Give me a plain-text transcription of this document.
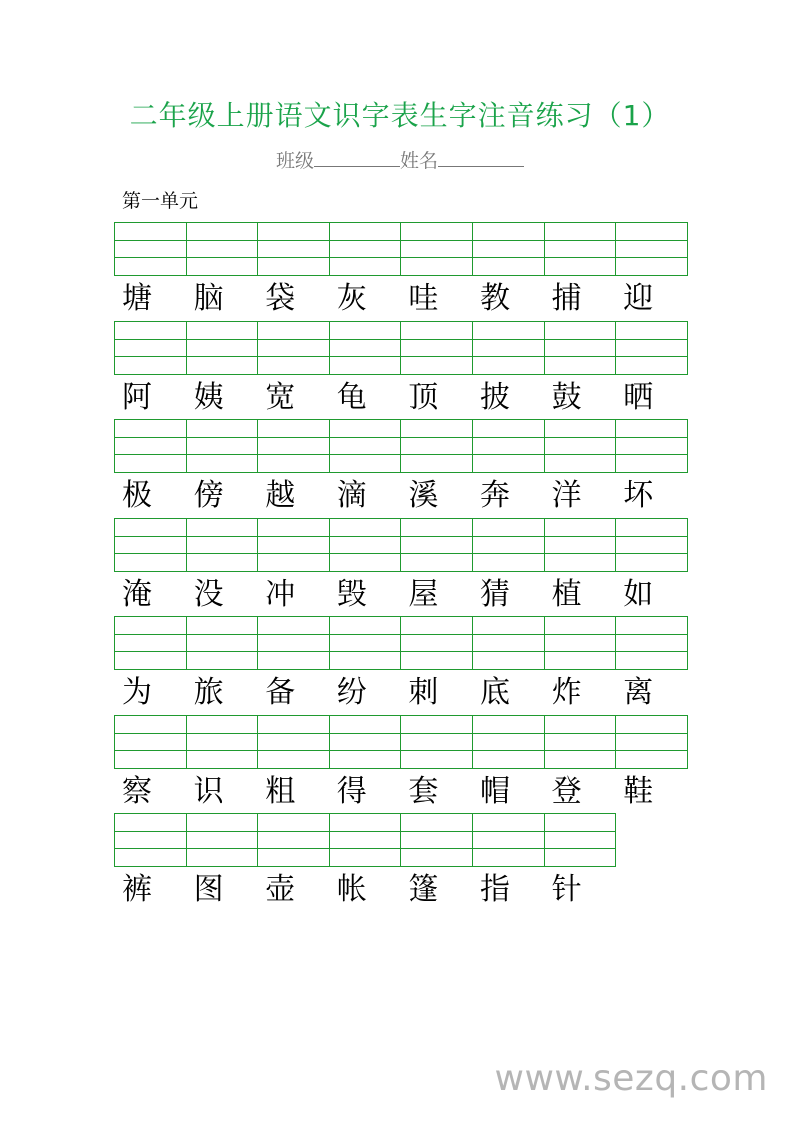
二年级上册语文识字表生字注音练习（1）
班级	姓名
第一单元
塘	脑	袋	灰	哇	教	捕	迎
阿	姨	宽	龟	顶	披	鼓	晒
极	傍	越	滴	溪	奔	洋	坏
淹	没	冲	毁	屋	猜	植	如
为	旅	备	纷	刺	底	炸	离
察	识	粗	得	套	帽	登	鞋
裤	图	壶	帐	篷	指	针
www.sezq.com
